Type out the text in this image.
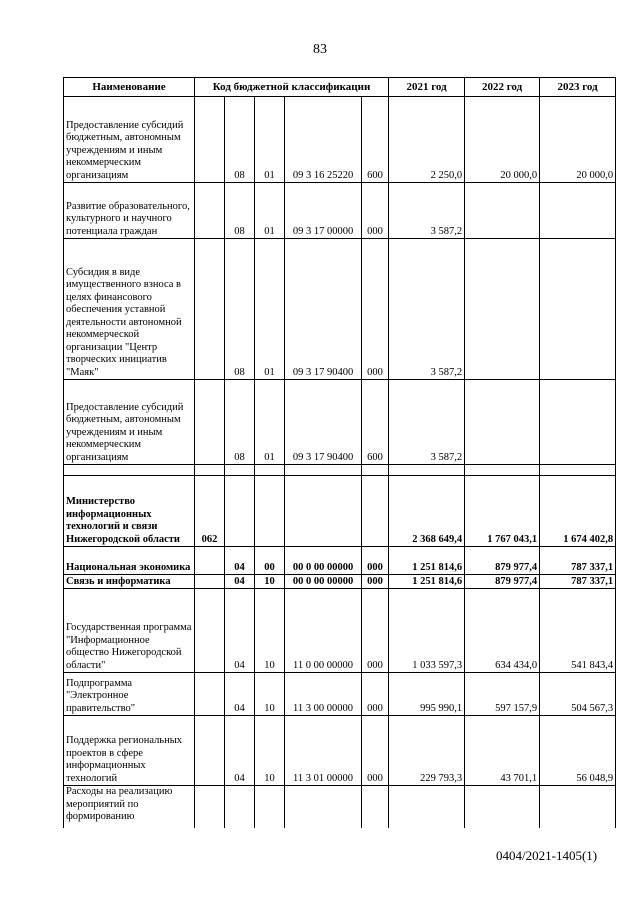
83
Наименование	Код бюджетной классификации					2021 год	2022 год	2023 год
Предоставление субсидий бюджетным, автономным учреждениям и иным некоммерческим организациям		08	01	09 3 16 25220	600	2 250,0	20 000,0	20 000,0
Развитие образовательного, культурного и научного потенциала граждан		08	01	09 3 17 00000	000	3 587,2		
Субсидия в виде имущественного взноса в целях финансового обеспечения уставной деятельности автономной некоммерческой организации "Центр творческих инициатив "Маяк"		08	01	09 3 17 90400	000	3 587,2		
Предоставление субсидий бюджетным, автономным учреждениям и иным некоммерческим организациям		08	01	09 3 17 90400	600	3 587,2		

Министерство информационных технологий и связи Нижегородской области	062					2 368 649,4	1 767 043,1	1 674 402,8
Национальная экономика		04	00	00 0 00 00000	000	1 251 814,6	879 977,4	787 337,1
Связь и информатика		04	10	00 0 00 00000	000	1 251 814,6	879 977,4	787 337,1
Государственная программа "Информационное общество Нижегородской области"		04	10	11 0 00 00000	000	1 033 597,3	634 434,0	541 843,4
Подпрограмма "Электронное правительство"		04	10	11 3 00 00000	000	995 990,1	597 157,9	504 567,3
Поддержка региональных проектов в сфере информационных технологий		04	10	11 3 01 00000	000	229 793,3	43 701,1	56 048,9
Расходы на реализацию мероприятий по формированию								
0404/2021-1405(1)
